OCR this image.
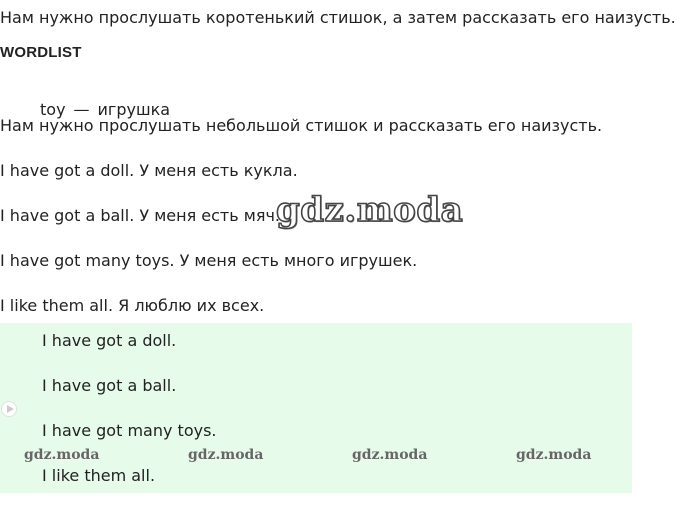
Нам нужно прослушать коротенький стишок, а затем рассказать его наизусть.
WORDLIST
toy — игрушка
Нам нужно прослушать небольшой стишок и рассказать его наизусть.
I have got a doll. У меня есть кукла.
I have got a ball. У меня есть мяч.
I have got many toys. У меня есть много игрушек.
I like them all. Я люблю их всех.
gdz.moda
I have got a doll.
I have got a ball.
I have got many toys.
I like them all.
gdz.moda	gdz.moda	gdz.moda	gdz.moda
